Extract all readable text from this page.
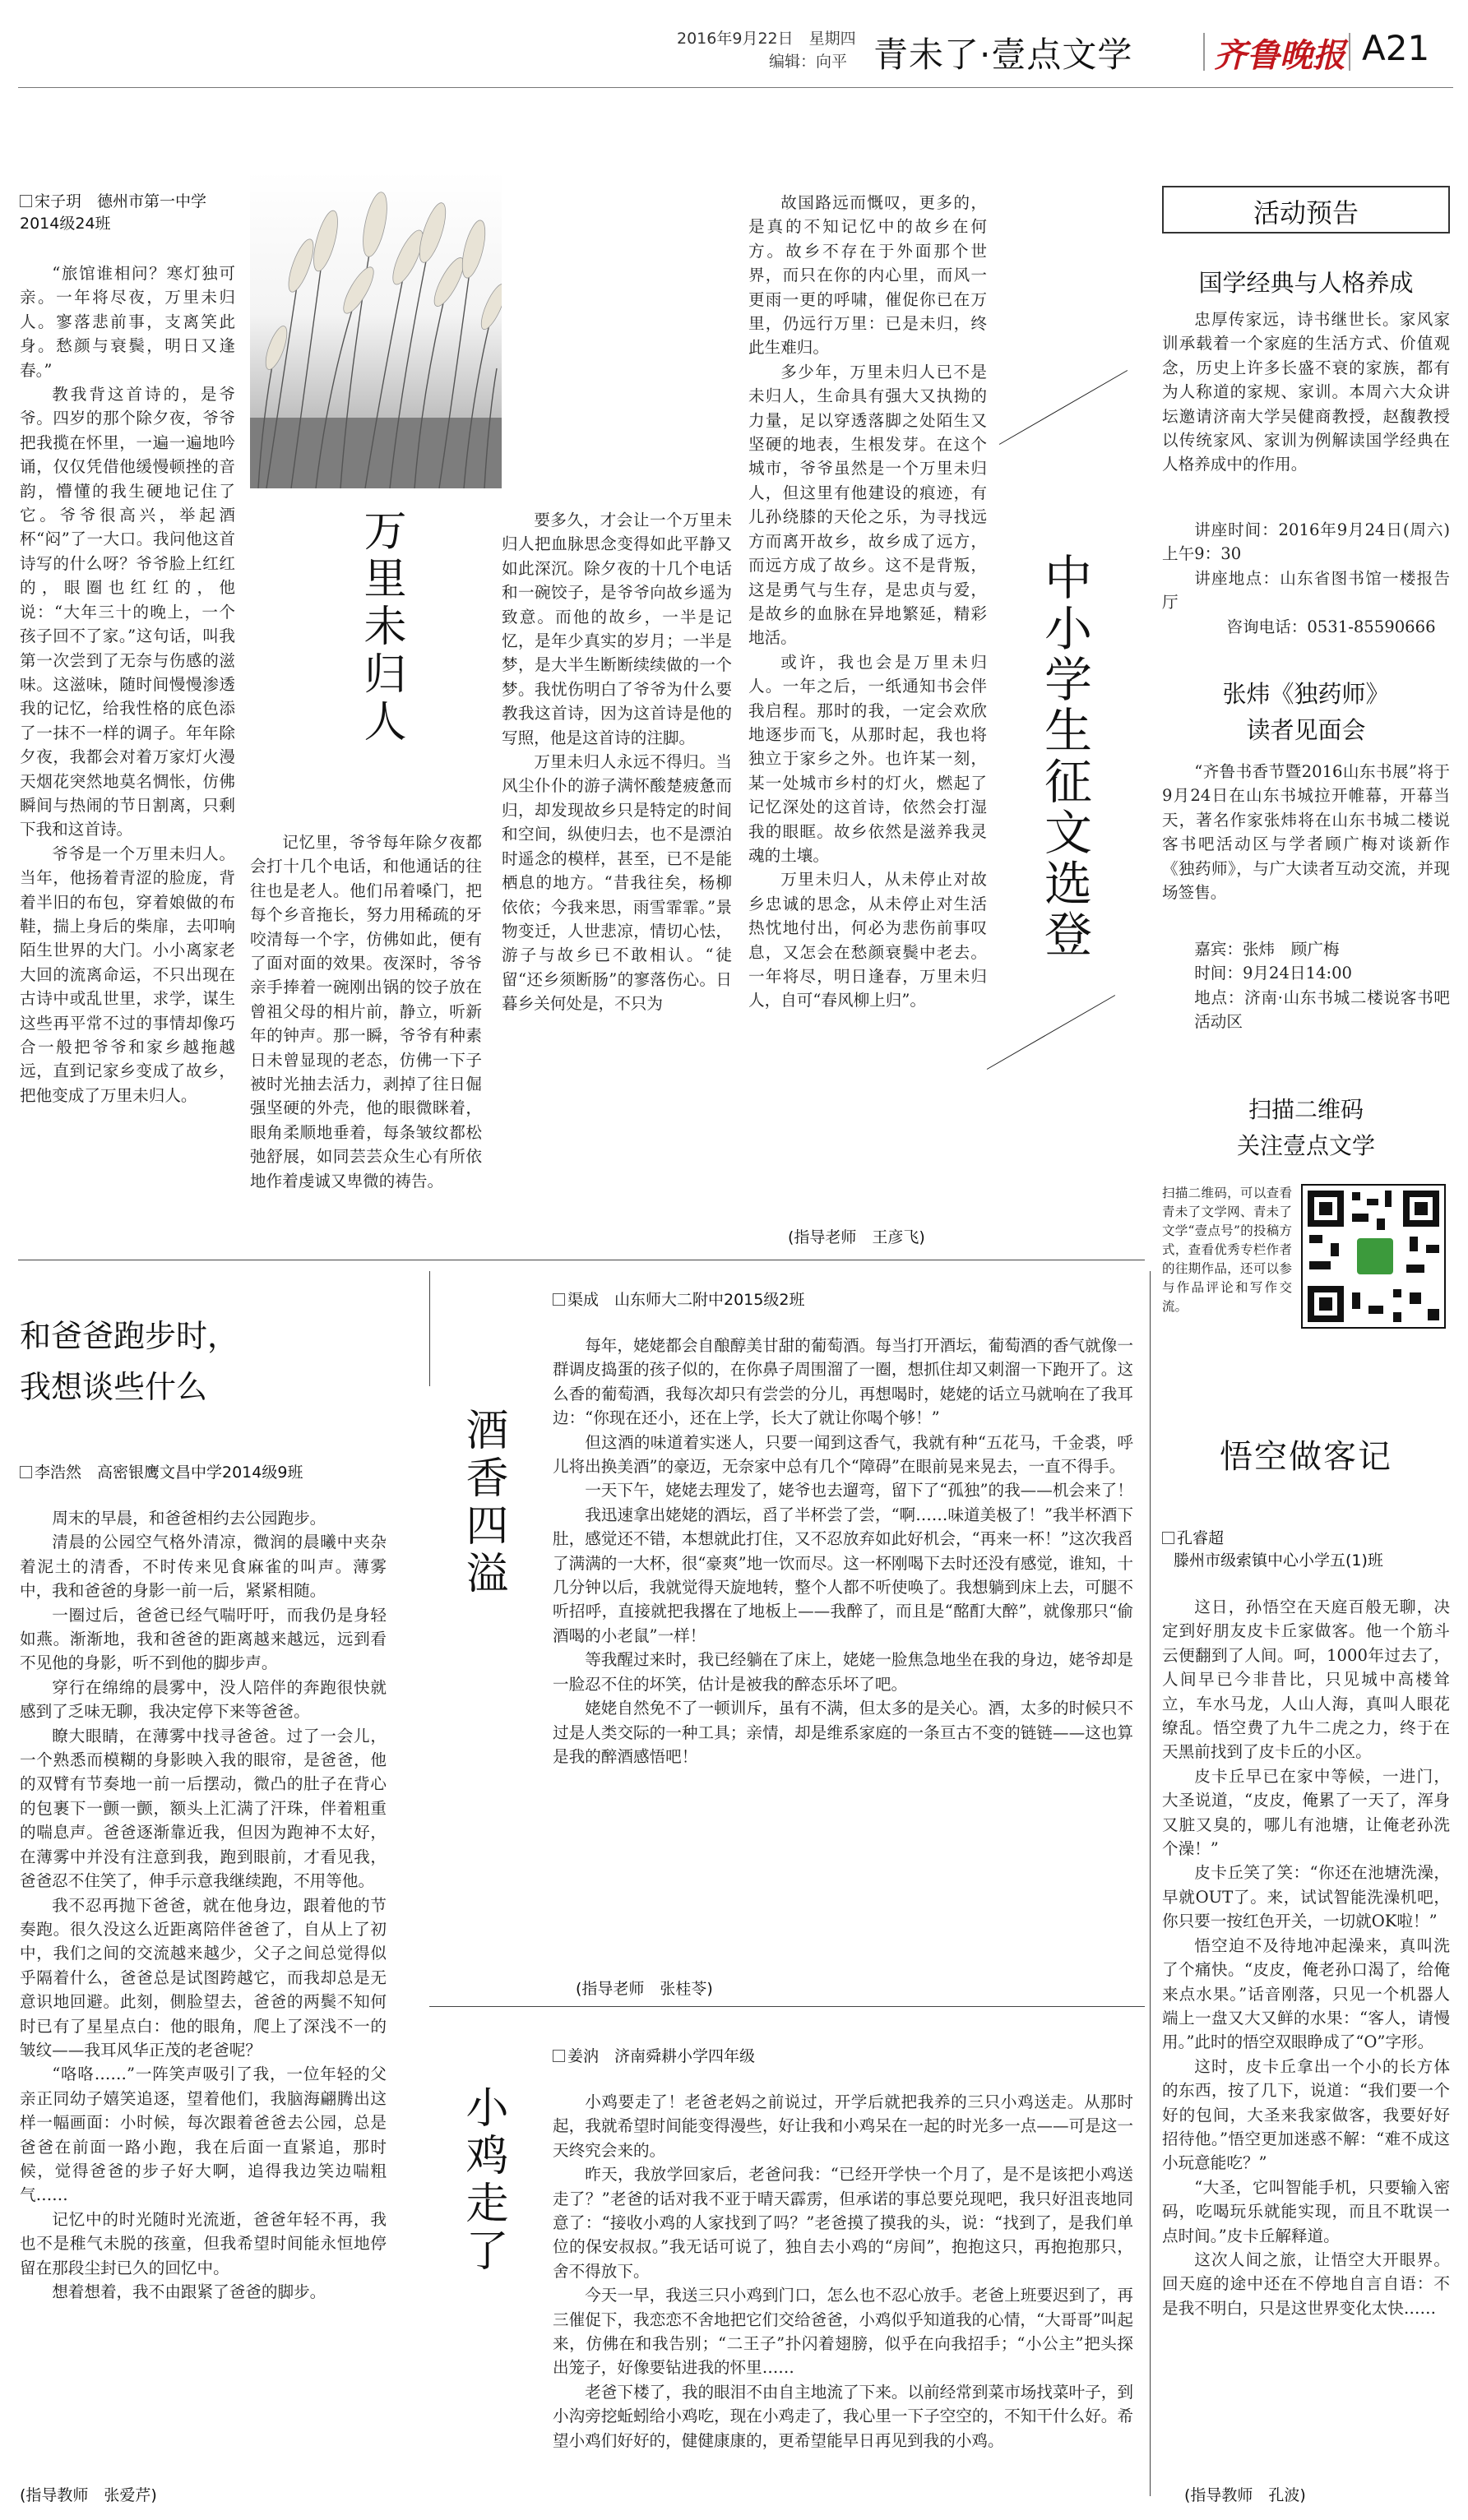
2016年9月22日　 星期四
编辑：向平 青未了·壹点文学 齐鲁晚报 A21
宋子玥　德州市第一中学2014级24班

“旅馆谁相问？寒灯独可亲。一年将尽夜，万里未归人。寥落悲前事，支离笑此身。愁颜与衰鬓，明日又逢春。”

教我背这首诗的，是爷爷。四岁的那个除夕夜，爷爷把我揽在怀里，一遍一遍地吟诵，仅仅凭借他缓慢顿挫的音韵，懵懂的我生硬地记住了它。爷爷很高兴，举起酒杯“闷”了一大口。我问他这首诗写的什么呀？爷爷脸上红红的，眼圈也红红的，他说：“大年三十的晚上，一个孩子回不了家。”这句话，叫我第一次尝到了无奈与伤感的滋味。这滋味，随时间慢慢渗透我的记忆，给我性格的底色添了一抹不一样的调子。年年除夕夜，我都会对着万家灯火漫天烟花突然地莫名惆怅，仿佛瞬间与热闹的节日割离，只剩下我和这首诗。

爷爷是一个万里未归人。当年，他扬着青涩的脸庞，背着半旧的布包，穿着娘做的布鞋，揣上身后的柴扉，去叩响陌生世界的大门。小小离家老大回的流离命运，不只出现在古诗中或乱世里，求学，谋生这些再平常不过的事情却像巧合一般把爷爷和家乡越拖越远，直到记家乡变成了故乡，把他变成了万里未归人。

万里未归人

记忆里，爷爷每年除夕夜都会打十几个电话，和他通话的往往也是老人。他们吊着嗓门，把每个乡音拖长，努力用稀疏的牙咬清每一个字，仿佛如此，便有了面对面的效果。夜深时，爷爷亲手捧着一碗刚出锅的饺子放在曾祖父母的相片前，静立，听新年的钟声。那一瞬，爷爷有种素日未曾显现的老态，仿佛一下子被时光抽去活力，剥掉了往日倔强坚硬的外壳，他的眼微眯着，眼角柔顺地垂着，每条皱纹都松弛舒展，如同芸芸众生心有所依地作着虔诚又卑微的祷告。

要多久，才会让一个万里未归人把血脉思念变得如此平静又如此深沉。除夕夜的十几个电话和一碗饺子，是爷爷向故乡遥为致意。而他的故乡，一半是记忆，是年少真实的岁月；一半是梦，是大半生断断续续做的一个梦。我忧伤明白了爷爷为什么要教我这首诗，因为这首诗是他的写照，他是这首诗的注脚。

万里未归人永远不得归。当风尘仆仆的游子满怀酸楚疲惫而归，却发现故乡只是特定的时间和空间，纵使归去，也不是漂泊时遥念的模样，甚至，已不是能栖息的地方。“昔我往矣，杨柳依依；今我来思，雨雪霏霏。”景物变迁，人世悲凉，情切心怯，游子与故乡已不敢相认。“徒留“还乡须断肠”的寥落伤心。日暮乡关何处是，不只为

故国路远而慨叹，更多的，是真的不知记忆中的故乡在何方。故乡不存在于外面那个世界，而只在你的内心里，而风一更雨一更的呼啸，催促你已在万里，仍远行万里：已是未归，终此生难归。

多少年，万里未归人已不是未归人，生命具有强大又执拗的力量，足以穿透落脚之处陌生又坚硬的地表，生根发芽。在这个城市，爷爷虽然是一个万里未归人，但这里有他建设的痕迹，有儿孙绕膝的天伦之乐，为寻找远方而离开故乡，故乡成了远方，而远方成了故乡。这不是背叛，这是勇气与生存，是忠贞与爱，是故乡的血脉在异地繁延，精彩地活。

或许，我也会是万里未归人。一年之后，一纸通知书会伴我启程。那时的我，一定会欢欣地逐步而飞，从那时起，我也将独立于家乡之外。也许某一刻，某一处城市乡村的灯火，燃起了记忆深处的这首诗，依然会打湿我的眼眶。故乡依然是滋养我灵魂的土壤。

万里未归人，从未停止对故乡忠诚的思念，从未停止对生活热忱地付出，何必为悲伤前事叹息，又怎会在愁颜衰鬓中老去。一年将尽，明日逢春，万里未归人，自可“春风柳上归”。

(指导老师　王彦飞)
中小学生征文选登
活动预告
国学经典与人格养成

忠厚传家远，诗书继世长。家风家训承载着一个家庭的生活方式、价值观念，历史上许多长盛不衰的家族，都有为人称道的家规、家训。本周六大众讲坛邀请济南大学吴健商教授，赵馥教授以传统家风、家训为例解读国学经典在人格养成中的作用。

讲座时间：2016年9月24日(周六)上午9：30
讲座地点：山东省图书馆一楼报告厅
咨询电话：0531-85590666
张炜《独药师》
读者见面会

“齐鲁书香节暨2016山东书展”将于9月24日在山东书城拉开帷幕，开幕当天，著名作家张炜将在山东书城二楼说客书吧活动区与学者顾广梅对谈新作《独药师》，与广大读者互动交流，并现场签售。

嘉宾：张炜　顾广梅
时间：9月24日14:00
地点：济南·山东书城二楼说客书吧活动区
扫描二维码
关注壹点文学
扫描二维码，可以查看青未了文学网、青未了文学“壹点号”的投稿方式，查看优秀专栏作者的往期作品，还可以参与作品评论和写作交流。
悟空做客记
和爸爸跑步时，
我想谈些什么
李浩然　高密银鹰文昌中学2014级9班

周末的早晨，和爸爸相约去公园跑步。

清晨的公园空气格外清凉，微润的晨曦中夹杂着泥土的清香，不时传来见食麻雀的叫声。薄雾中，我和爸爸的身影一前一后，紧紧相随。

一圈过后，爸爸已经气喘吁吁，而我仍是身轻如燕。渐渐地，我和爸爸的距离越来越远，远到看不见他的身影，听不到他的脚步声。

穿行在绵绵的晨雾中，没人陪伴的奔跑很快就感到了乏味无聊，我决定停下来等爸爸。

瞭大眼睛，在薄雾中找寻爸爸。过了一会儿，一个熟悉而模糊的身影映入我的眼帘，是爸爸，他的双臂有节奏地一前一后摆动，微凸的肚子在背心的包裹下一颤一颤，额头上汇满了汗珠，伴着粗重的喘息声。爸爸逐渐靠近我，但因为跑神不太好，在薄雾中并没有注意到我，跑到眼前，才看见我，爸爸忍不住笑了，伸手示意我继续跑，不用等他。

我不忍再抛下爸爸，就在他身边，跟着他的节奏跑。很久没这么近距离陪伴爸爸了，自从上了初中，我们之间的交流越来越少，父子之间总觉得似乎隔着什么，爸爸总是试图跨越它，而我却总是无意识地回避。此刻，側脸望去，爸爸的两鬓不知何时已有了星星点白：他的眼角，爬上了深浅不一的皱纹——我耳风华正茂的老爸呢？

“咯咯……”一阵笑声吸引了我，一位年轻的父亲正同幼子嬉笑追逐，望着他们，我脑海翩腾出这样一幅画面：小时候，每次跟着爸爸去公园，总是爸爸在前面一路小跑，我在后面一直紧追，那时候，觉得爸爸的步子好大啊，追得我边笑边喘粗气……

记忆中的时光随时光流逝，爸爸年轻不再，我也不是稚气未脱的孩童，但我希望时间能永恒地停留在那段尘封已久的回忆中。

想着想着，我不由跟紧了爸爸的脚步。

(指导教师　张爱芹)
酒香四溢
渠成　山东师大二附中2015级2班

每年，姥姥都会自酿醇美甘甜的葡萄酒。每当打开酒坛，葡萄酒的香气就像一群调皮捣蛋的孩子似的，在你鼻子周围溜了一圈，想抓住却又刺溜一下跑开了。这么香的葡萄酒，我每次却只有尝尝的分儿，再想喝时，姥姥的话立马就响在了我耳边：“你现在还小，还在上学，长大了就让你喝个够！”

但这酒的味道着实迷人，只要一闻到这香气，我就有种“五花马，千金裘，呼儿将出换美酒”的豪迈，无奈家中总有几个“障碍”在眼前晃来晃去，一直不得手。

一天下午，姥姥去理发了，姥爷也去遛弯，留下了“孤独”的我——机会来了！

我迅速拿出姥姥的酒坛，舀了半杯尝了尝，“啊……味道美极了！”我半杯酒下肚，感觉还不错，本想就此打住，又不忍放弃如此好机会，“再来一杯！”这次我舀了满满的一大杯，很“豪爽”地一饮而尽。这一杯刚喝下去时还没有感觉，谁知，十几分钟以后，我就觉得天旋地转，整个人都不听使唤了。我想躺到床上去，可腿不听招呼，直接就把我撂在了地板上——我醉了，而且是“酩酊大醉”，就像那只“偷酒喝的小老鼠”一样！

等我醒过来时，我已经躺在了床上，姥姥一脸焦急地坐在我的身边，姥爷却是一脸忍不住的坏笑，估计是被我的醉态乐坏了吧。

姥姥自然免不了一顿训斥，虽有不满，但太多的是关心。酒，太多的时候只不过是人类交际的一种工具；亲情，却是维系家庭的一条亘古不变的链链——这也算是我的醉酒感悟吧！

(指导老师　张桂苓)
小鸡走了
姜汭　济南舜耕小学四年级

小鸡要走了！老爸老妈之前说过，开学后就把我养的三只小鸡送走。从那时起，我就希望时间能变得漫些，好让我和小鸡呆在一起的时光多一点——可是这一天终究会来的。

昨天，我放学回家后，老爸问我：“已经开学快一个月了，是不是该把小鸡送走了？”老爸的话对我不亚于晴天霹雳，但承诺的事总要兑现吧，我只好沮丧地同意了：“接收小鸡的人家找到了吗？”老爸摸了摸我的头，说：“找到了，是我们单位的保安叔叔。”我无话可说了，独自去小鸡的“房间”，抱抱这只，再抱抱那只，舍不得放下。

今天一早，我送三只小鸡到门口，怎么也不忍心放手。老爸上班要迟到了，再三催促下，我恋恋不舍地把它们交给爸爸，小鸡似乎知道我的心情，“大哥哥”叫起来，仿佛在和我告别；“二王子”扑闪着翅膀，似乎在向我招手；“小公主”把头探出笼子，好像要钻进我的怀里……

老爸下楼了，我的眼泪不由自主地流了下来。以前经常到菜市场找菜叶子，到小沟旁挖蚯蚓给小鸡吃，现在小鸡走了，我心里一下子空空的，不知干什么好。希望小鸡们好好的，健健康康的，更希望能早日再见到我的小鸡。

孔睿超
滕州市级索镇中心小学五(1)班

这日，孙悟空在天庭百般无聊，决定到好朋友皮卡丘家做客。他一个筋斗云便翻到了人间。呵，1000年过去了，人间早已今非昔比，只见城中高楼耸立，车水马龙，人山人海，真叫人眼花缭乱。悟空费了九牛二虎之力，终于在天黑前找到了皮卡丘的小区。

皮卡丘早已在家中等候，一进门，大圣说道，“皮皮，俺累了一天了，浑身又脏又臭的，哪儿有池塘，让俺老孙洗个澡！”

皮卡丘笑了笑：“你还在池塘洗澡，早就OUT了。来，试试智能洗澡机吧，你只要一按红色开关，一切就OK啦！”

悟空迫不及待地冲起澡来，真叫洗了个痛快。“皮皮，俺老孙口渴了，给俺来点水果。”话音刚落，只见一个机器人端上一盘又大又鲜的水果：“客人，请慢用。”此时的悟空双眼睁成了“O”字形。

这时，皮卡丘拿出一个小的长方体的东西，按了几下，说道：“我们要一个好的包间，大圣来我家做客，我要好好招待他。”悟空更加迷惑不解：“难不成这小玩意能吃？”

“大圣，它叫智能手机，只要输入密码，吃喝玩乐就能实现，而且不耽误一点时间。”皮卡丘解释道。

这次人间之旅，让悟空大开眼界。回天庭的途中还在不停地自言自语：不是我不明白，只是这世界变化太快……

(指导教师　孔波)
